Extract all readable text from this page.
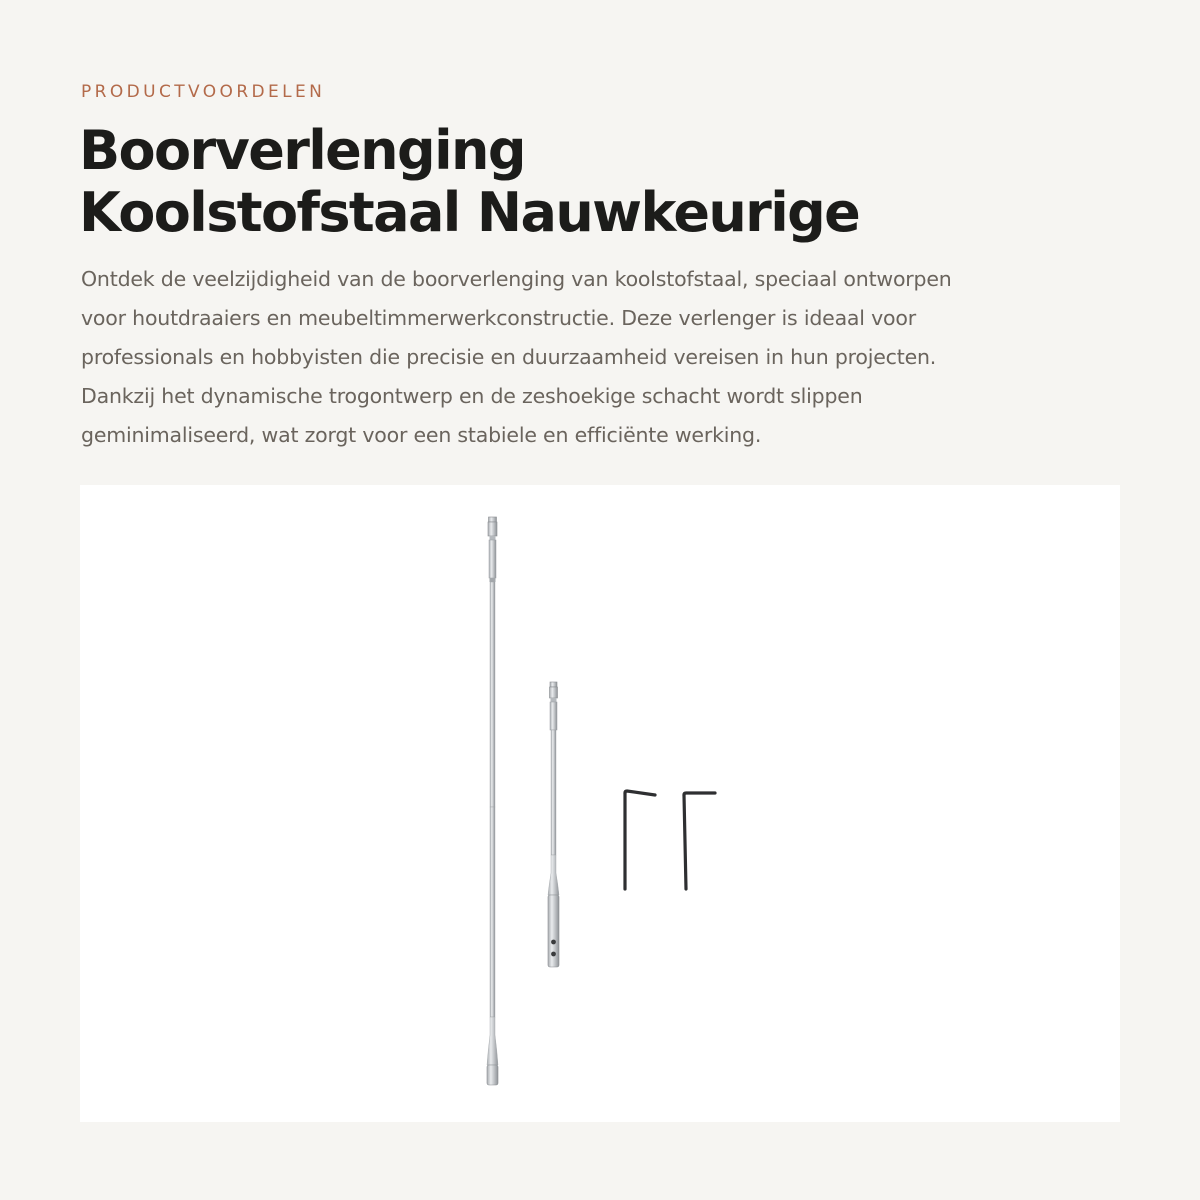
PRODUCTVOORDELEN
Boorverlenging
Koolstofstaal Nauwkeurige

Ontdek de veelzijdigheid van de boorverlenging van koolstofstaal, speciaal ontworpen
voor houtdraaiers en meubeltimmerwerkconstructie. Deze verlenger is ideaal voor
professionals en hobbyisten die precisie en duurzaamheid vereisen in hun projecten.
Dankzij het dynamische trogontwerp en de zeshoekige schacht wordt slippen
geminimaliseerd, wat zorgt voor een stabiele en efficiënte werking.
